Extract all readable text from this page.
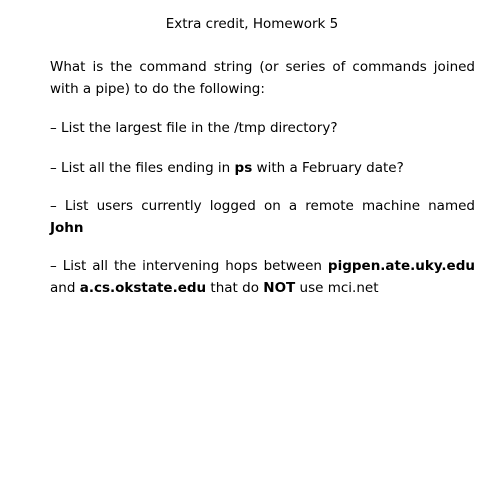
Extra credit, Homework 5
What is the command string (or series of commands joined with a pipe) to do the following:
– List the largest file in the /tmp directory?
– List all the files ending in ps with a February date?
– List users currently logged on a remote machine named John
– List all the intervening hops between pigpen.ate.uky.edu and a.cs.okstate.edu that do NOT use mci.net
